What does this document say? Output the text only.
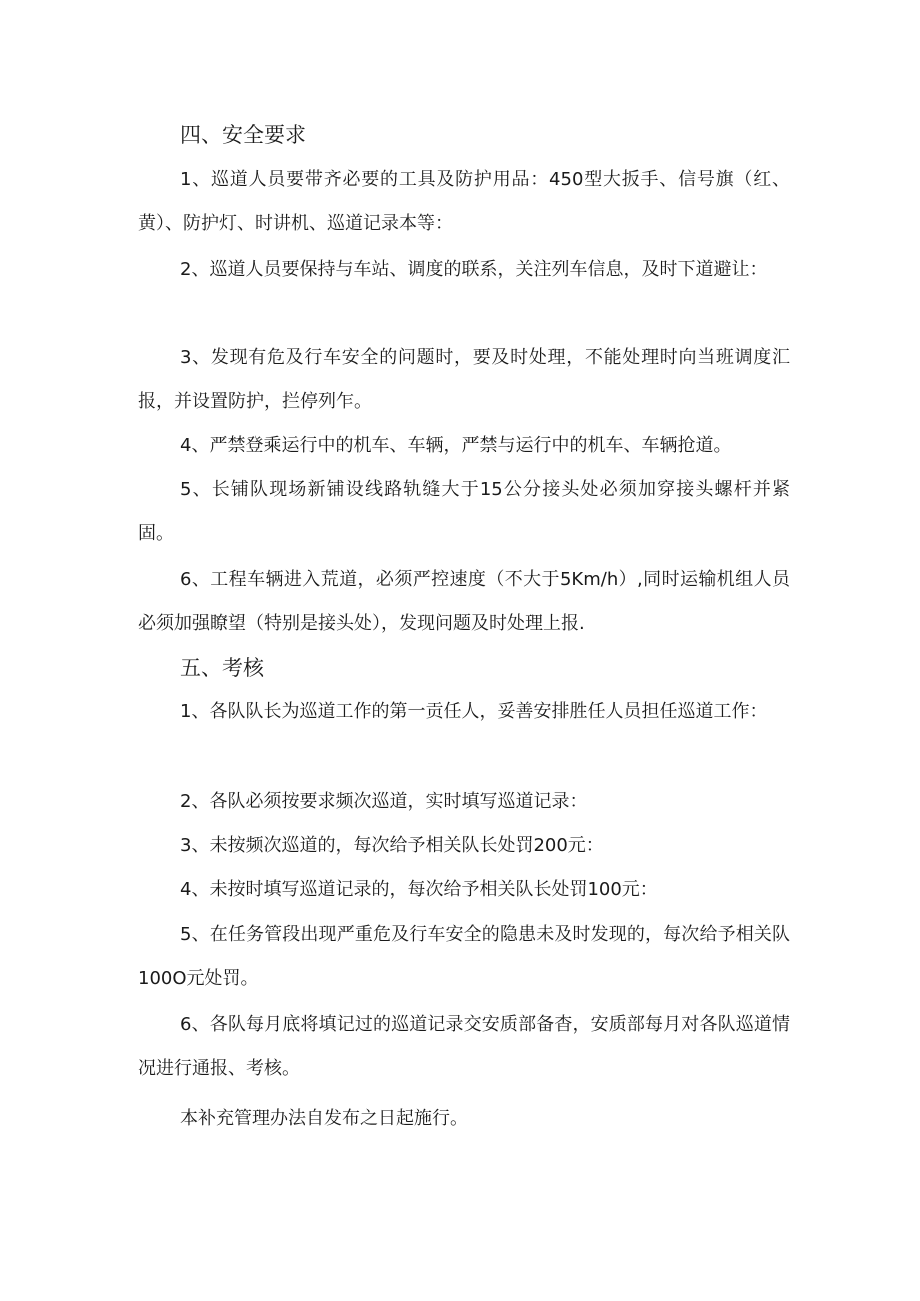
四、安全要求

1、巡道人员要带齐必要的工具及防护用品：450型大扳手、信号旗（红、黄）、防护灯、时讲机、巡道记录本等：

2、巡道人员要保持与车站、调度的联系，关注列车信息，及时下道避让：

3、发现有危及行车安全的问题时，要及时处理，不能处理时向当班调度汇报，并设置防护，拦停列乍。

4、严禁登乘运行中的机车、车辆，严禁与运行中的机车、车辆抢道。

5、长铺队现场新铺设线路轨缝大于15公分接头处必须加穿接头螺杆并紧固。

6、工程车辆进入荒道，必须严控速度（不大于5Km∕h）,同时运输机组人员必须加强瞭望（特别是接头处），发现问题及时处理上报.

五、考核

1、各队队长为巡道工作的第一贡任人，妥善安排胜任人员担任巡道工作：

2、各队必须按要求频次巡道，实时填写巡道记录：

3、未按频次巡道的，每次给予相关队长处罚200元：

4、未按时填写巡道记录的，每次给予相关队长处罚100元：

5、在任务管段出现严重危及行车安全的隐患未及时发现的，每次给予相关队100O元处罚。

6、各队每月底将填记过的巡道记录交安质部备杳，安质部每月对各队巡道情况进行通报、考核。

本补充管理办法自发布之日起施行。
